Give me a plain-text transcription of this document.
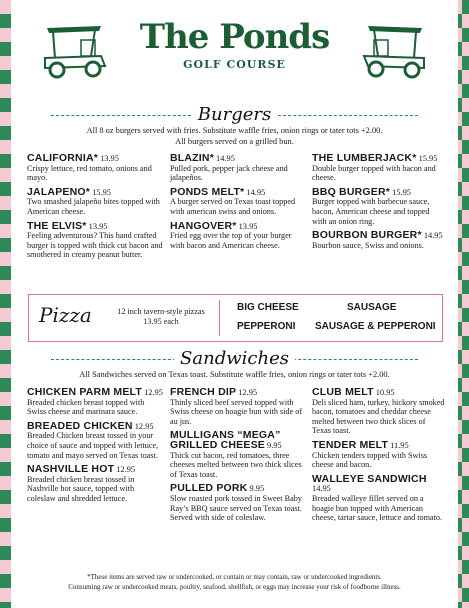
The Ponds
GOLF COURSE
Burgers
All 8 oz burgers served with fries. Substitute waffle fries, onion rings or tater tots +2.00.
All burgers served on a grilled bun.
CALIFORNIA* 13.95
Crispy lettuce, red tomato, onions and mayo.
JALAPENO* 15.95
Two smashed jalapeño bites topped with American cheese.
THE ELVIS* 13.95
Feeling adventurous? This hand crafted burger is topped with thick cut bacon and smothered in creamy peanut butter.
BLAZIN* 14.95
Pulled pork, pepper jack cheese and jalapeños.
PONDS MELT* 14.95
A burger served on Texas toast topped with american swiss and onions.
HANGOVER* 13.95
Fried egg over the top of your burger with bacon and American cheese.
THE LUMBERJACK* 15.95
Double burger topped with bacon and cheese.
BBQ BURGER* 15.95
Burger topped with barbecue sauce, bacon, American cheese and topped with an onion ring.
BOURBON BURGER* 14.95
Bourbon sauce, Swiss and onions.
Pizza	12 inch tavern-style pizzas 13.95 each
BIG CHEESE	SAUSAGE
PEPPERONI SAUSAGE & PEPPERONI
Sandwiches
All Sandwiches served on Texas toast. Substitute waffle fries, onion rings or tater tots +2.00.
CHICKEN PARM MELT 12.95
Breaded chicken breast topped with Swiss cheese and marinara sauce.
BREADED CHICKEN 12.95
Breaded Chicken breast tossed in your choice of sauce and topped with lettuce, tomato and mayo served on Texas toast.
NASHVILLE HOT 12.95
Breaded chicken breast tossed in Nashville hot sauce, topped with coleslaw and shredded lettuce.
FRENCH DIP 12.95
Thinly sliced beef served topped with Swiss cheese on hoagie bun with side of au jus.
MULLIGANS “MEGA” GRILLED CHEESE 9.95
Thick cut bacon, red tomatoes, three cheeses melted between two thick slices of Texas toast.
PULLED PORK 9.95
Slow roasted pork tossed in Sweet Baby Ray’s BBQ sauce served on Texas toast. Served with side of coleslaw.
CLUB MELT 10.95
Deli sliced ham, turkey, hickory smoked bacon, tomatoes and cheddar cheese melted between two thick slices of Texas toast.
TENDER MELT 11.95
Chicken tenders topped with Swiss cheese and bacon.
WALLEYE SANDWICH 14.95
Breaded walleye fillet served on a hoagie bun topped with American cheese, tartar sauce, lettuce and tomato.
*These items are served raw or undercooked, or contain or may contain, raw or undercooked ingredients.
Consuming raw or undercooked meats, poultry, seafood, shellfish, or eggs may increase your risk of foodborne illness.
